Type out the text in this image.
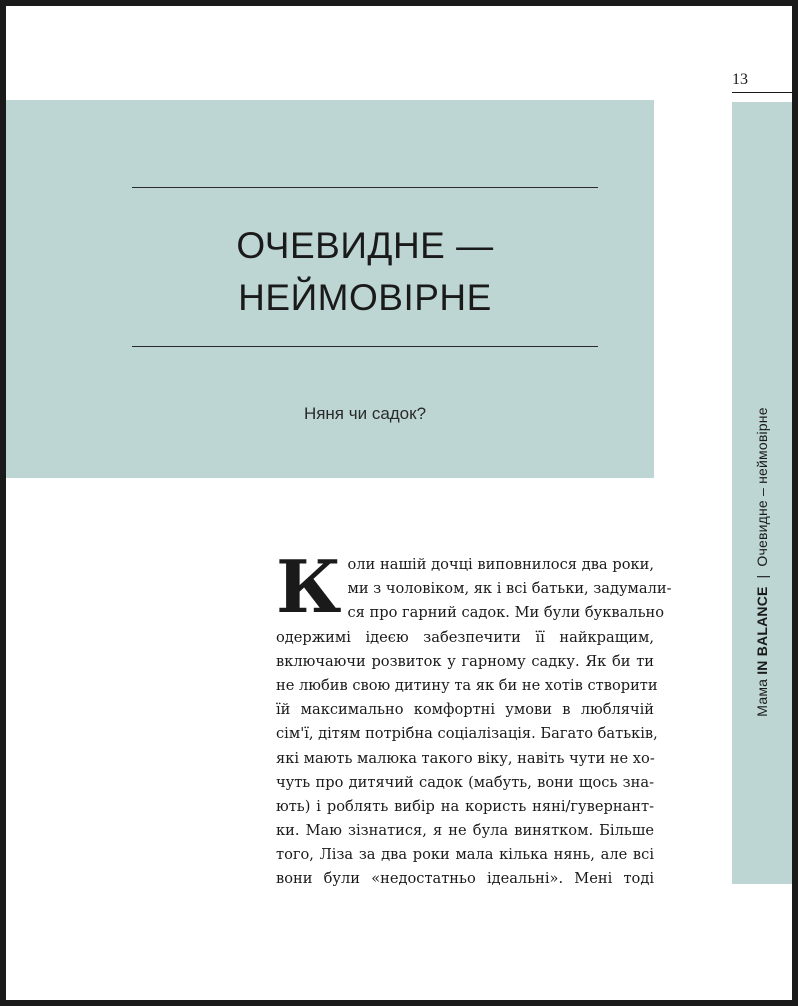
13
Мама IN BALANCE|Очевидне – неймовірне
ОЧЕВИДНЕ —
НЕЙМОВІРНЕ
Няня чи садок?
К оли нашій дочці виповнилося два роки,
ми з чоловіком, як і всі батьки, задумали-
ся про гарний садок. Ми були буквально
одержимі ідеєю забезпечити її найкращим,
включаючи розвиток у гарному садку. Як би ти
не любив свою дитину та як би не хотів створити
їй максимально комфортні умови в люблячій
сім'ї, дітям потрібна соціалізація. Багато батьків,
які мають малюка такого віку, навіть чути не хо-
чуть про дитячий садок (мабуть, вони щось зна-
ють) і роблять вибір на користь няні/гувернант-
ки. Маю зізнатися, я не була винятком. Більше
того, Ліза за два роки мала кілька нянь, але всі
вони були «недостатньо ідеальні». Мені тоді
